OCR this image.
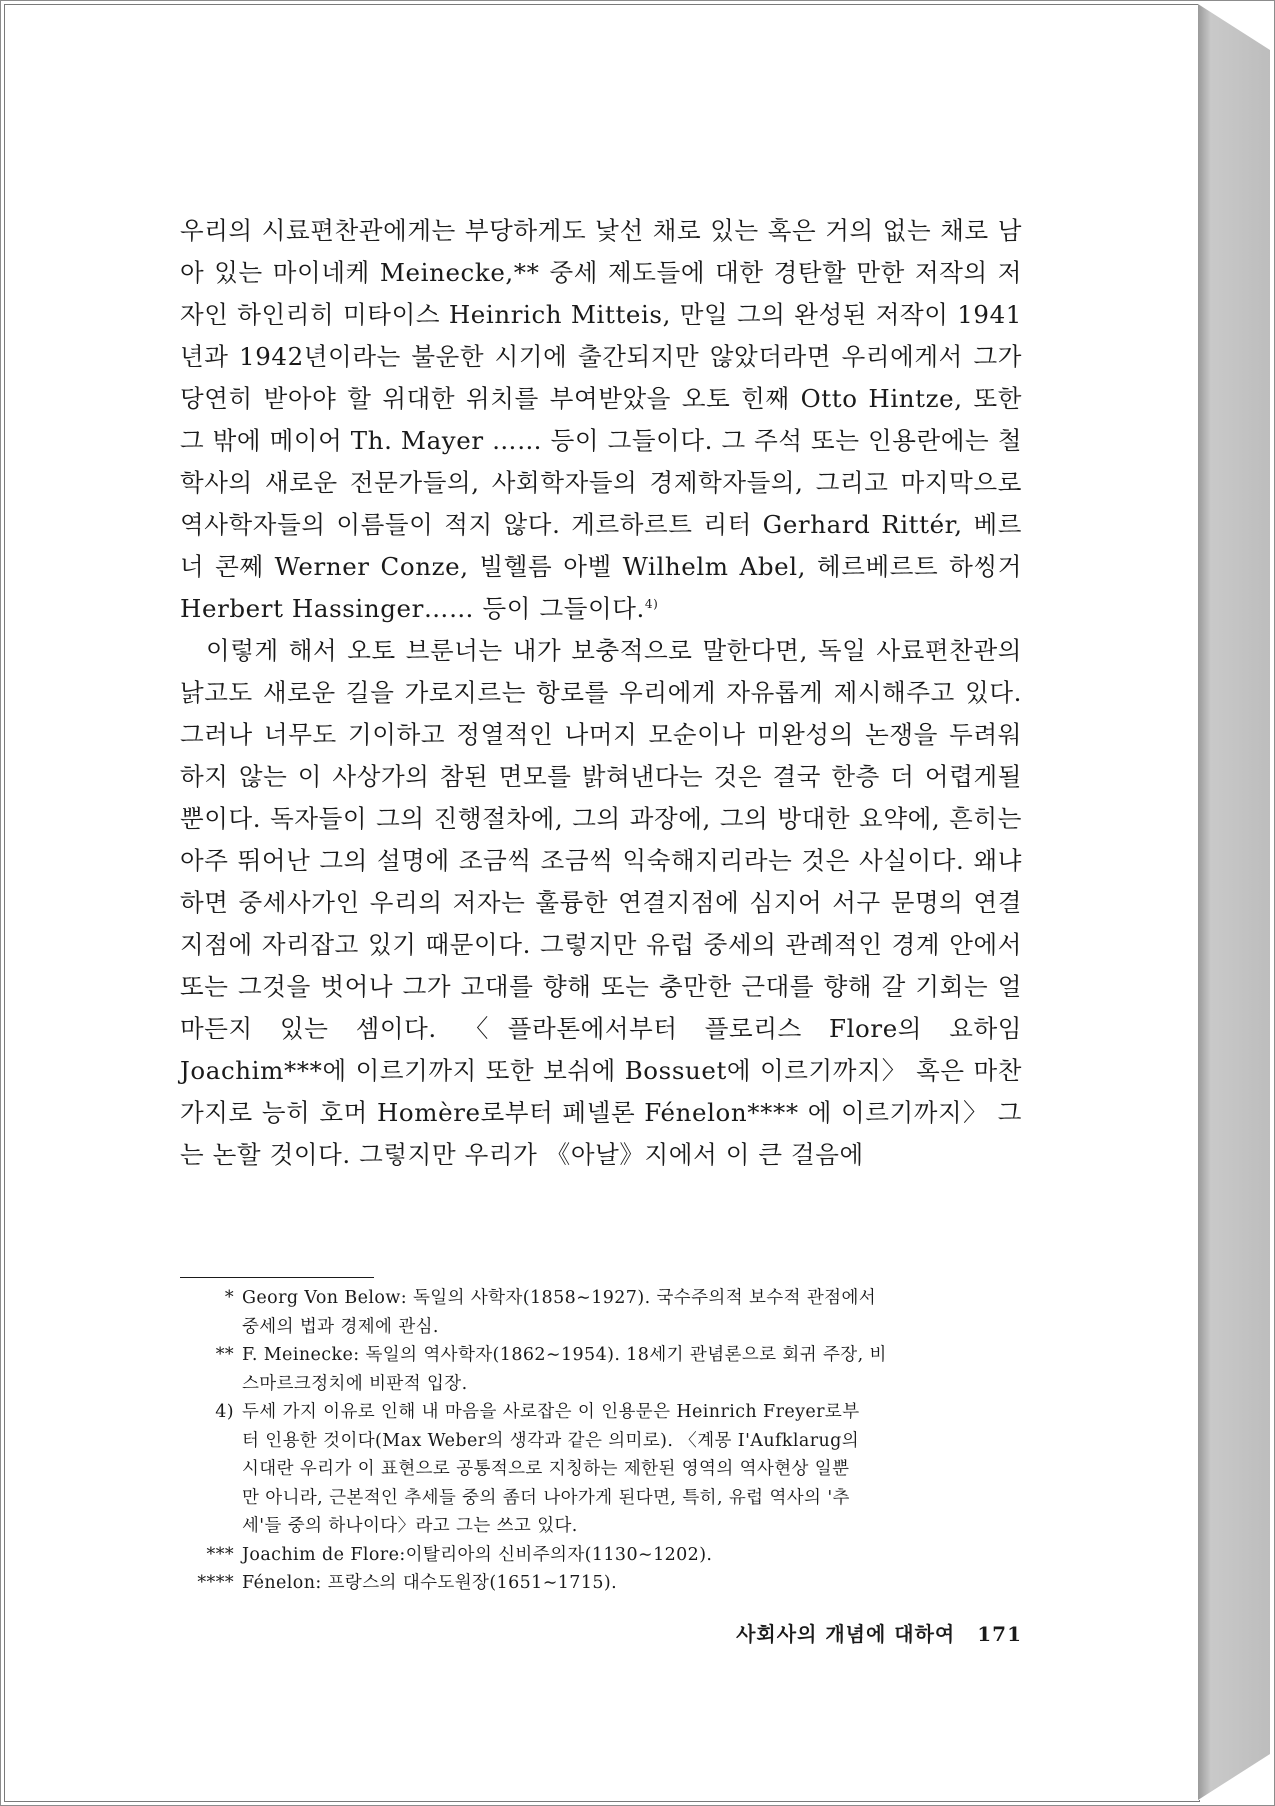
우리의 시료편찬관에게는 부당하게도 낯선 채로 있는 혹은 거의 없는 채로 남아 있는 마이네케 Meinecke,** 중세 제도들에 대한 경탄할 만한 저작의 저자인 하인리히 미타이스 Heinrich Mitteis, 만일 그의 완성된 저작이 1941년과 1942년이라는 불운한 시기에 출간되지만 않았더라면 우리에게서 그가 당연히 받아야 할 위대한 위치를 부여받았을 오토 힌째 Otto Hintze, 또한 그 밖에 메이어 Th. Mayer …… 등이 그들이다. 그 주석 또는 인용란에는 철학사의 새로운 전문가들의, 사회학자들의 경제학자들의, 그리고 마지막으로 역사학자들의 이름들이 적지 않다. 게르하르트 리터 Gerhard Rittér, 베르너 콘쩨 Werner Conze, 빌헬름 아벨 Wilhelm Abel, 헤르베르트 하씽거 Herbert Hassinger…… 등이 그들이다.$^{4)}$

이렇게 해서 오토 브룬너는 내가 보충적으로 말한다면, 독일 사료편찬관의 낡고도 새로운 길을 가로지르는 항로를 우리에게 자유롭게 제시해주고 있다. 그러나 너무도 기이하고 정열적인 나머지 모순이나 미완성의 논쟁을 두려워하지 않는 이 사상가의 참된 면모를 밝혀낸다는 것은 결국 한층 더 어렵게될 뿐이다. 독자들이 그의 진행절차에, 그의 과장에, 그의 방대한 요약에, 흔히는 아주 뛰어난 그의 설명에 조금씩 조금씩 익숙해지리라는 것은 사실이다. 왜냐하면 중세사가인 우리의 저자는 훌륭한 연결지점에 심지어 서구 문명의 연결 지점에 자리잡고 있기 때문이다. 그렇지만 유럽 중세의 관례적인 경계 안에서 또는 그것을 벗어나 그가 고대를 향해 또는 충만한 근대를 향해 갈 기회는 얼마든지 있는 셈이다. 〈플라톤에서부터 플로리스 Flore의 요하임 Joachim***에 이르기까지 또한 보쉬에 Bossuet에 이르기까지〉 혹은 마찬가지로 능히 호머 Homère로부터 페넬론 Fénelon**** 에 이르기까지〉 그는 논할 것이다. 그렇지만 우리가 《아날》지에서 이 큰 걸음에

* Georg Von Below: 독일의 사학자(1858∼1927). 국수주의적 보수적 관점에서
중세의 법과 경제에 관심.
** F. Meinecke: 독일의 역사학자(1862∼1954). 18세기 관념론으로 회귀 주장, 비
스마르크정치에 비판적 입장.
4) 두세 가지 이유로 인해 내 마음을 사로잡은 이 인용문은 Heinrich Freyer로부
터 인용한 것이다(Max Weber의 생각과 같은 의미로). 〈계몽 I'Aufklarug의
시대란 우리가 이 표현으로 공통적으로 지칭하는 제한된 영역의 역사현상 일뿐
만 아니라, 근본적인 추세들 중의 좀더 나아가게 된다면, 특히, 유럽 역사의 '추
세'들 중의 하나이다〉라고 그는 쓰고 있다.
*** Joachim de Flore:이탈리아의 신비주의자(1130∼1202).
**** Fénelon: 프랑스의 대수도원장(1651∼1715).
사회사의 개념에 대하여 171
